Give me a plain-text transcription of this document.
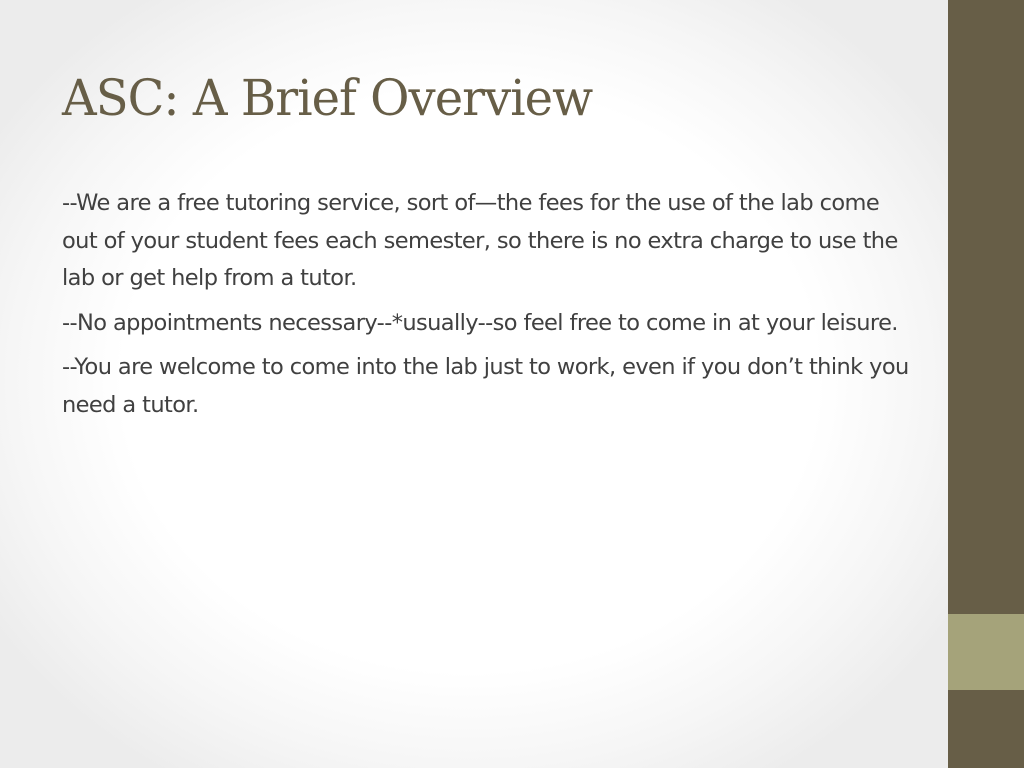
ASC: A Brief Overview
--We are a free tutoring service, sort of—the fees for the use of the lab come out of your student fees each semester, so there is no extra charge to use the lab or get help from a tutor.
--No appointments necessary--*usually--so feel free to come in at your leisure.
--You are welcome to come into the lab just to work, even if you don’t think you need a tutor.
